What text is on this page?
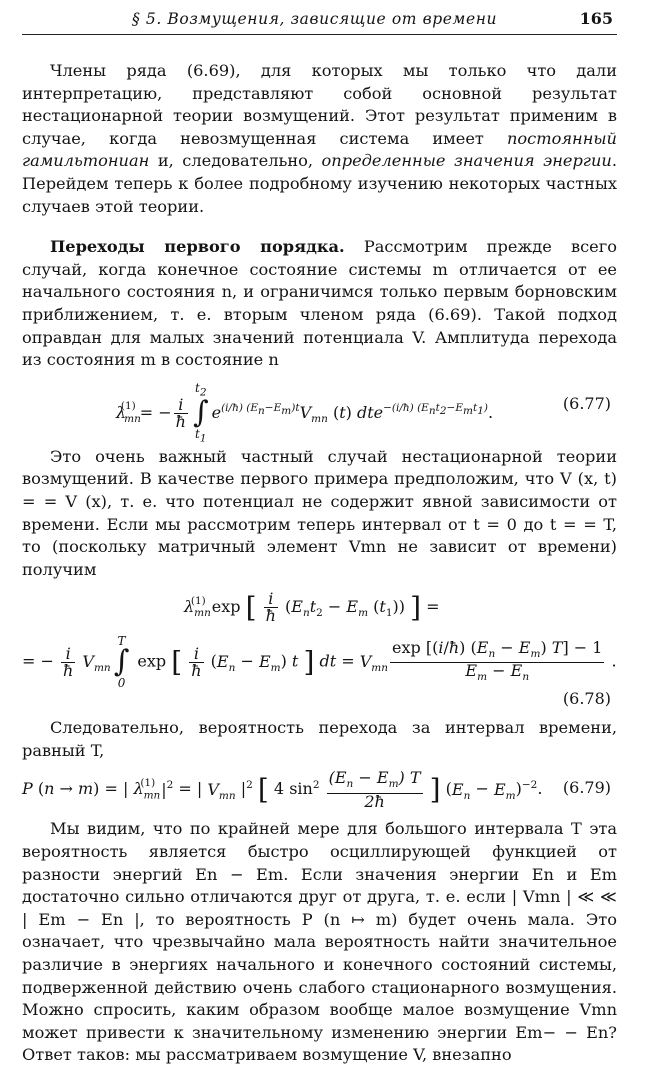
§ 5. Возмущения, зависящие от времени	165

Члены ряда (6.69), для которых мы только что дали интерпретацию, представляют собой основной результат нестационарной теории возмущений. Этот результат применим в случае, когда невозмущенная система имеет постоянный гамильтониан и, следовательно, определенные значения энергии. Перейдем теперь к более подробному изучению некоторых частных случаев этой теории.

Переходы первого порядка. Рассмотрим прежде всего случай, когда конечное состояние системы m отличается от ее начального состояния n, и ограничимся только первым борновским приближением, т. е. вторым членом ряда (6.69). Такой подход оправдан для малых значений потенциала V. Амплитуда перехода из состояния m в состояние n

$\lambda_{mn}^{(1)}$ = − $\frac{i}{ħ}$
$t_2$
∫
$t_1$
$e^{(i/ħ) (E_n-E_m)t}V_{mn}$ (t) dte$^{-(i/ħ) (E_nt_2-E_mt_1)}$.	(6.77)

Это очень важный частный случай нестационарной теории возмущений. В качестве первого примера предположим, что V (x, t) = = V (x), т. е. что потенциал не содержит явной зависимости от времени. Если мы рассмотрим теперь интервал от t = 0 до t = = T, то (поскольку матричный элемент Vmn не зависит от времени) получим

$\lambda_{mn}^{(1)}$ exp [ $\frac{i}{ħ} (E_nt_2 - E_m$ $(t_1)$) ] =
= − $\frac{i}{ħ} V_{mn}$
T
∫
0
exp [ $\frac{i}{ħ} (E_n - E_m)$ t ] dt = $V_{mn} \frac{\exp [(i/ħ) (E_n - E_m) T] - 1}{E_m - E_n}$ .
(6.78)

Следовательно, вероятность перехода за интервал времени, равный T,

P (n → m) = | $\lambda_{mn}^{(1)}$ $|^2$ = | $V_{mn}$ $|^2$ [ 4 $\sin^2 \frac{(E_n - E_m) T}{2ħ}$ ] $(E_n - E_m)^{-2}$. (6.79)

Мы видим, что по крайней мере для большого интервала T эта вероятность является быстро осциллирующей функцией от разности энергий En − Em. Если значения энергии En и Em достаточно сильно отличаются друг от друга, т. е. если | Vmn | ≪ ≪ | Em − En |, то вероятность P (n ↦ m) будет очень мала. Это означает, что чрезвычайно мала вероятность найти значительное различие в энергиях начального и конечного состояний системы, подверженной действию очень слабого стационарного возмущения. Можно спросить, каким образом вообще малое возмущение Vmn может привести к значительному изменению энергии Em− − En? Ответ таков: мы рассматриваем возмущение V, внезапно
